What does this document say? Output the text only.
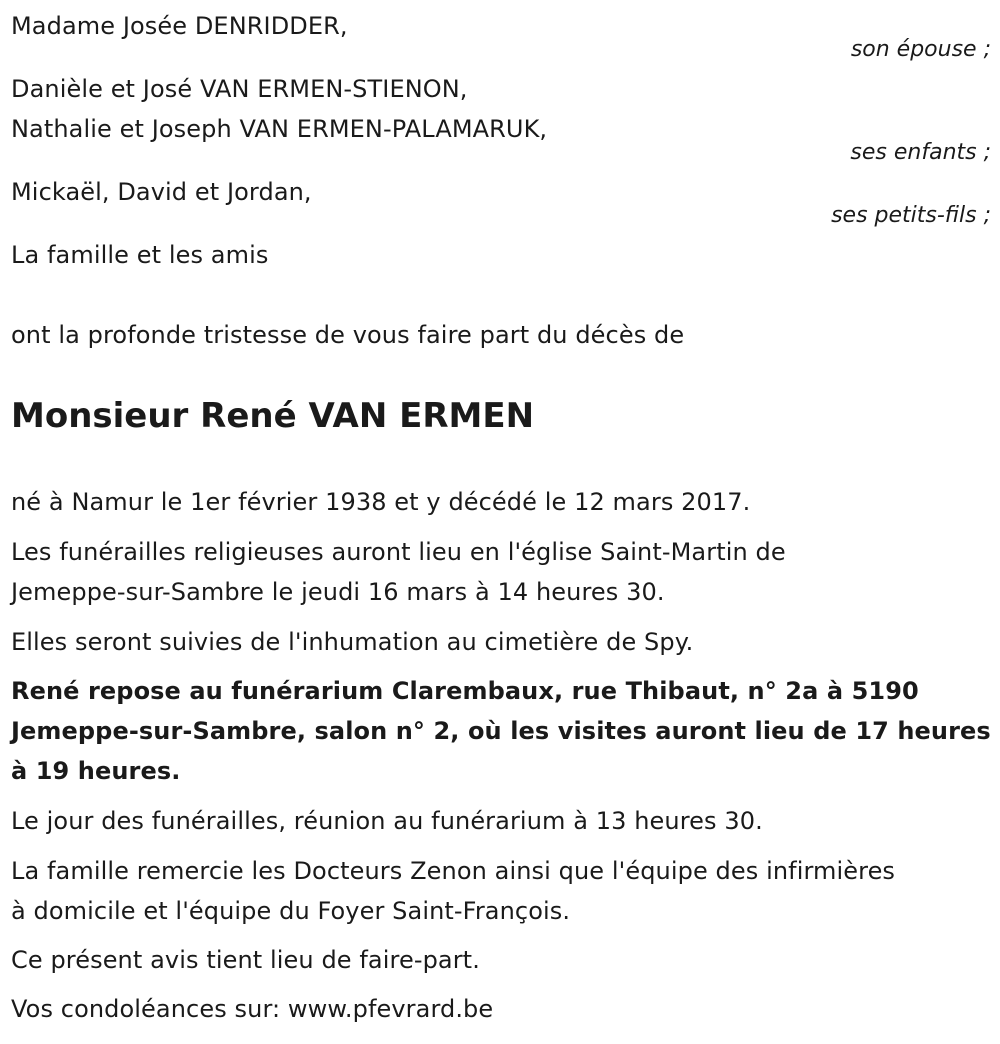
Madame Josée DENRIDDER,
son épouse ;
Danièle et José VAN ERMEN-STIENON,
Nathalie et Joseph VAN ERMEN-PALAMARUK,
ses enfants ;
Mickaël, David et Jordan,
ses petits-fils ;
La famille et les amis
ont la profonde tristesse de vous faire part du décès de
Monsieur René VAN ERMEN
né à Namur le 1er février 1938 et y décédé le 12 mars 2017.
Les funérailles religieuses auront lieu en l'église Saint-Martin de
Jemeppe-sur-Sambre le jeudi 16 mars à 14 heures 30.
Elles seront suivies de l'inhumation au cimetière de Spy.
René repose au funérarium Clarembaux, rue Thibaut, n° 2a à 5190
Jemeppe-sur-Sambre, salon n° 2, où les visites auront lieu de 17 heures
à 19 heures.
Le jour des funérailles, réunion au funérarium à 13 heures 30.
La famille remercie les Docteurs Zenon ainsi que l'équipe des infirmières
à domicile et l'équipe du Foyer Saint-François.
Ce présent avis tient lieu de faire-part.
Vos condoléances sur: www.pfevrard.be
